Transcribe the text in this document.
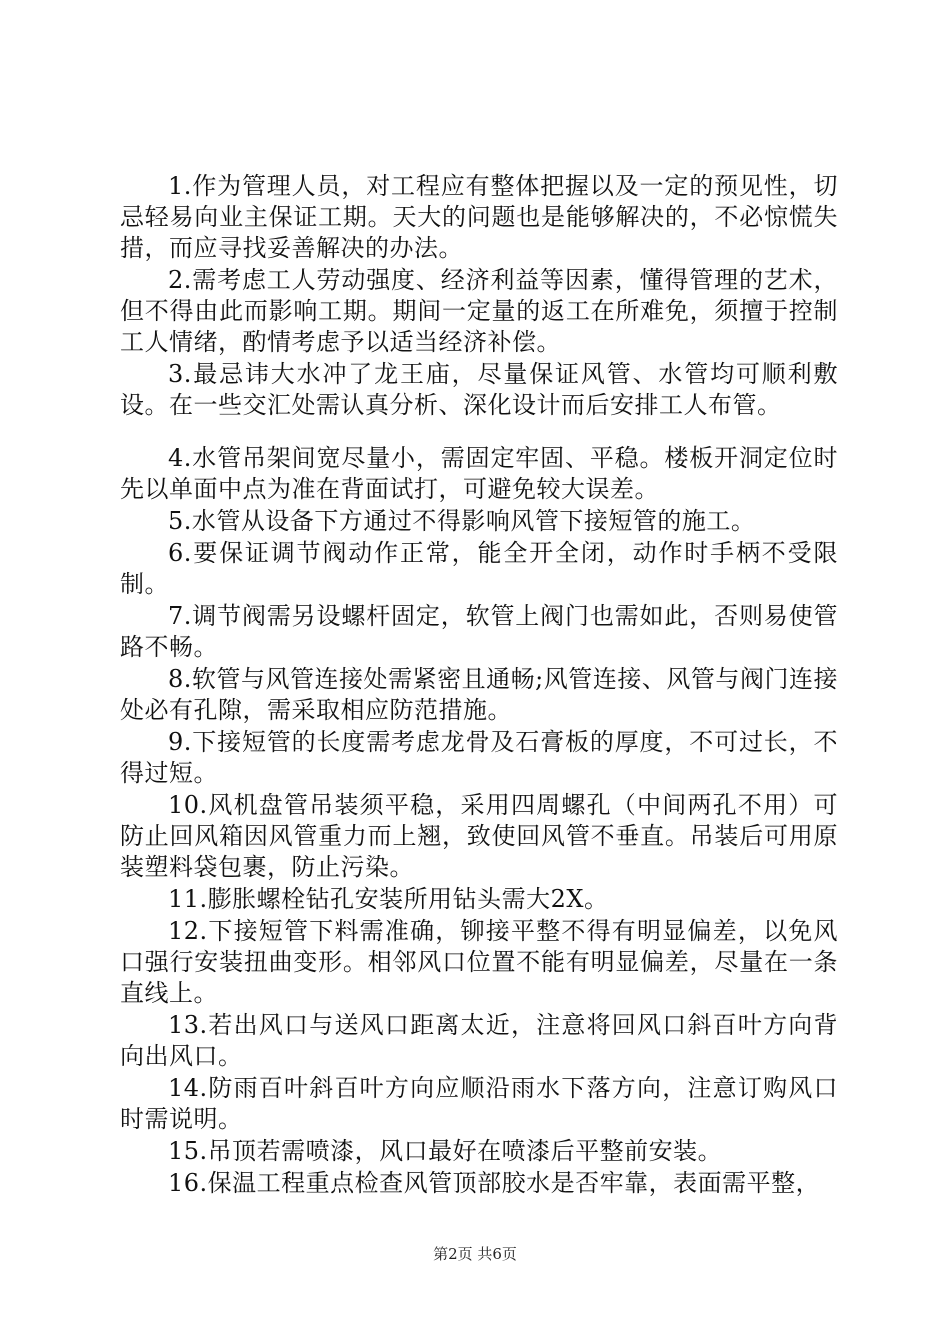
1.作为管理人员，对工程应有整体把握以及一定的预见性，切忌轻易向业主保证工期。天大的问题也是能够解决的，不必惊慌失措，而应寻找妥善解决的办法。

2.需考虑工人劳动强度、经济利益等因素，懂得管理的艺术，但不得由此而影响工期。期间一定量的返工在所难免，须擅于控制工人情绪，酌情考虑予以适当经济补偿。

3.最忌讳大水冲了龙王庙，尽量保证风管、水管均可顺利敷设。在一些交汇处需认真分析、深化设计而后安排工人布管。

4.水管吊架间宽尽量小，需固定牢固、平稳。楼板开洞定位时先以单面中点为准在背面试打，可避免较大误差。

5.水管从设备下方通过不得影响风管下接短管的施工。

6.要保证调节阀动作正常，能全开全闭，动作时手柄不受限制。

7.调节阀需另设螺杆固定，软管上阀门也需如此，否则易使管路不畅。

8.软管与风管连接处需紧密且通畅;风管连接、风管与阀门连接处必有孔隙，需采取相应防范措施。

9.下接短管的长度需考虑龙骨及石膏板的厚度，不可过长，不得过短。

10.风机盘管吊装须平稳，采用四周螺孔（中间两孔不用）可防止回风箱因风管重力而上翘，致使回风管不垂直。吊装后可用原装塑料袋包裹，防止污染。

11.膨胀螺栓钻孔安装所用钻头需大2X。

12.下接短管下料需准确，铆接平整不得有明显偏差，以免风口强行安装扭曲变形。相邻风口位置不能有明显偏差，尽量在一条直线上。

13.若出风口与送风口距离太近，注意将回风口斜百叶方向背向出风口。

14.防雨百叶斜百叶方向应顺沿雨水下落方向，注意订购风口时需说明。

15.吊顶若需喷漆，风口最好在喷漆后平整前安装。

16.保温工程重点检查风管顶部胶水是否牢靠，表面需平整，

第2页 共6页
